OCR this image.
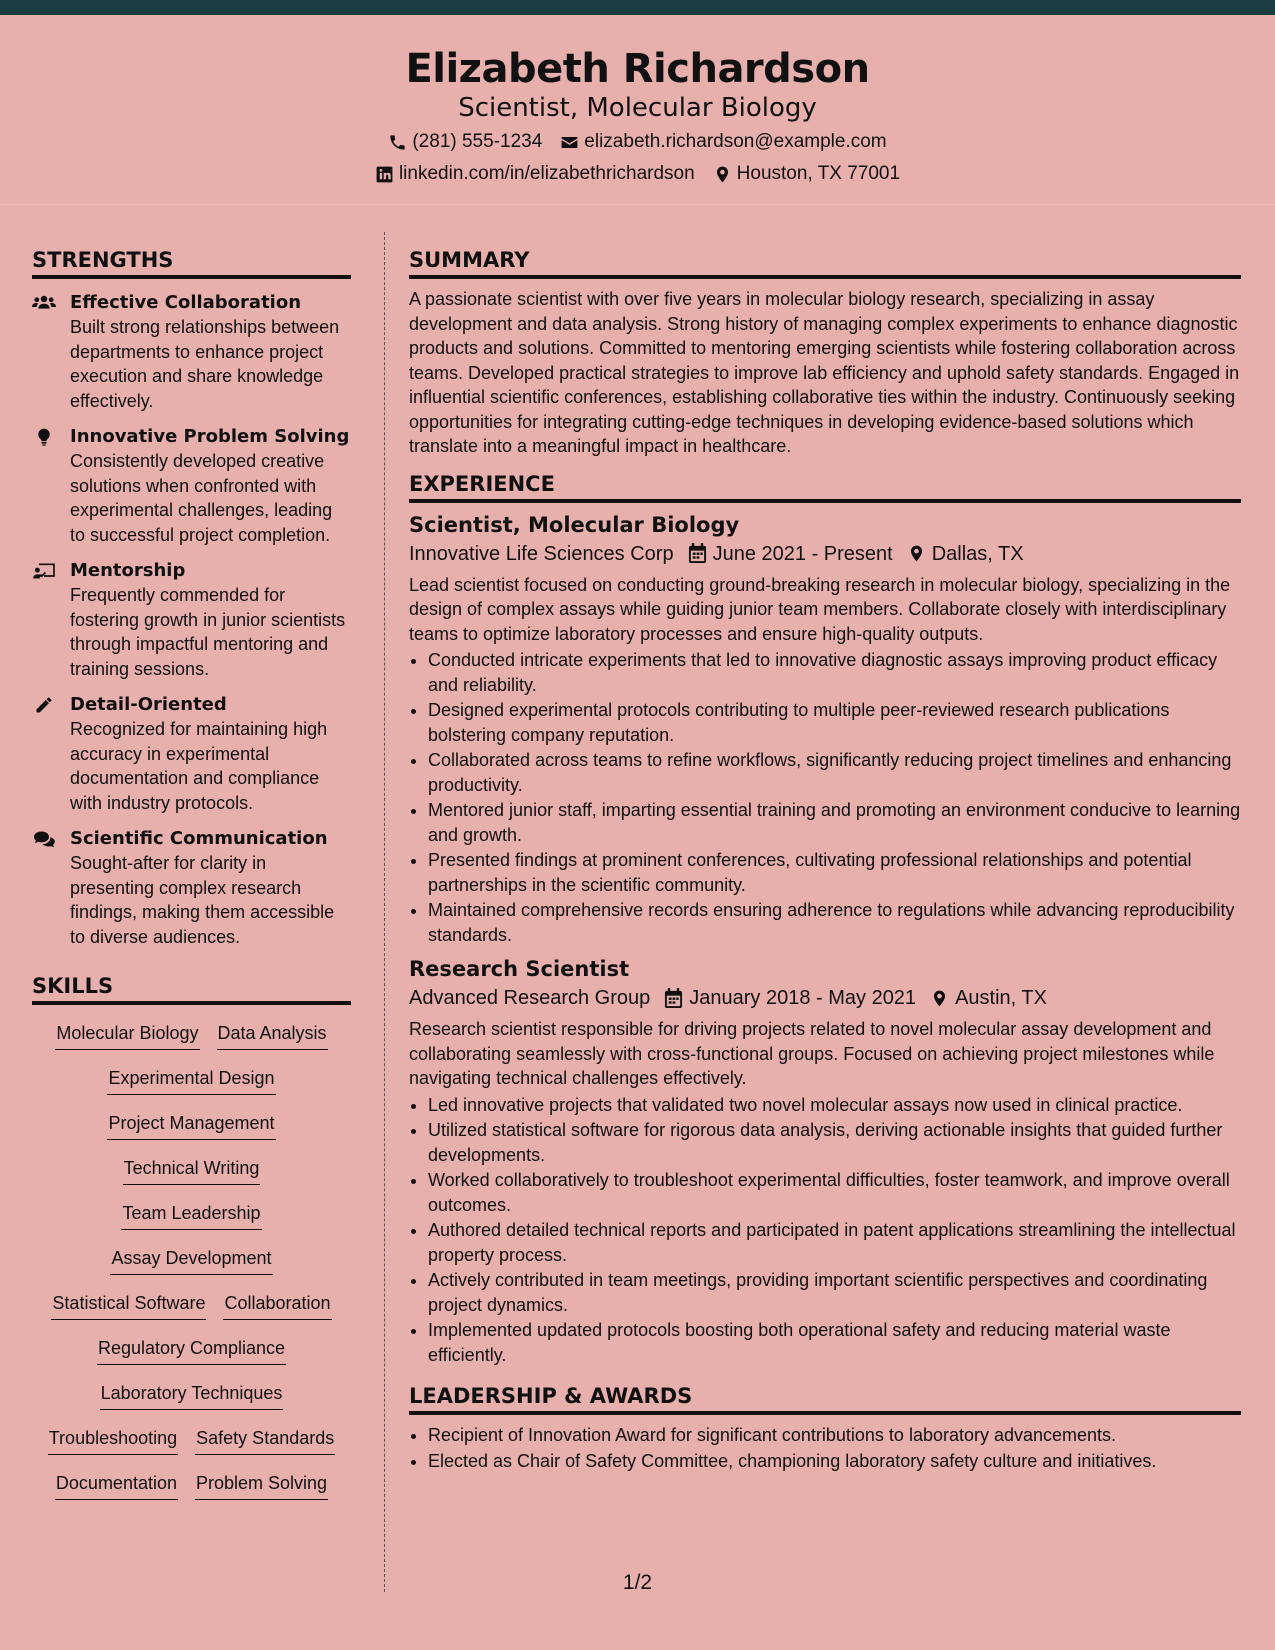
Elizabeth Richardson
Scientist, Molecular Biology
(281) 555-1234 elizabeth.richardson@example.com
linkedin.com/in/elizabethrichardson Houston, TX 77001
STRENGTHS
Effective Collaboration
Built strong relationships between departments to enhance project execution and share knowledge effectively.
Innovative Problem Solving
Consistently developed creative solutions when confronted with experimental challenges, leading to successful project completion.
Mentorship
Frequently commended for fostering growth in junior scientists through impactful mentoring and training sessions.
Detail-Oriented
Recognized for maintaining high accuracy in experimental documentation and compliance with industry protocols.
Scientific Communication
Sought-after for clarity in presenting complex research findings, making them accessible to diverse audiences.
SKILLS
Molecular Biology Data Analysis
Experimental Design
Project Management
Technical Writing
Team Leadership
Assay Development
Statistical Software Collaboration
Regulatory Compliance
Laboratory Techniques
Troubleshooting Safety Standards
Documentation Problem Solving
SUMMARY

A passionate scientist with over five years in molecular biology research, specializing in assay development and data analysis. Strong history of managing complex experiments to enhance diagnostic products and solutions. Committed to mentoring emerging scientists while fostering collaboration across teams. Developed practical strategies to improve lab efficiency and uphold safety standards. Engaged in influential scientific conferences, establishing collaborative ties within the industry. Continuously seeking opportunities for integrating cutting-edge techniques in developing evidence-based solutions which translate into a meaningful impact in healthcare.

EXPERIENCE
Scientist, Molecular Biology
Innovative Life Sciences Corp June 2021 - Present Dallas, TX
Lead scientist focused on conducting ground-breaking research in molecular biology, specializing in the design of complex assays while guiding junior team members. Collaborate closely with interdisciplinary teams to optimize laboratory processes and ensure high-quality outputs.
• Conducted intricate experiments that led to innovative diagnostic assays improving product efficacy and reliability.
• Designed experimental protocols contributing to multiple peer-reviewed research publications bolstering company reputation.
• Collaborated across teams to refine workflows, significantly reducing project timelines and enhancing productivity.
• Mentored junior staff, imparting essential training and promoting an environment conducive to learning and growth.
• Presented findings at prominent conferences, cultivating professional relationships and potential partnerships in the scientific community.
• Maintained comprehensive records ensuring adherence to regulations while advancing reproducibility standards.
Research Scientist
Advanced Research Group January 2018 - May 2021 Austin, TX
Research scientist responsible for driving projects related to novel molecular assay development and collaborating seamlessly with cross-functional groups. Focused on achieving project milestones while navigating technical challenges effectively.
• Led innovative projects that validated two novel molecular assays now used in clinical practice.
• Utilized statistical software for rigorous data analysis, deriving actionable insights that guided further developments.
• Worked collaboratively to troubleshoot experimental difficulties, foster teamwork, and improve overall outcomes.
• Authored detailed technical reports and participated in patent applications streamlining the intellectual property process.
• Actively contributed in team meetings, providing important scientific perspectives and coordinating project dynamics.
• Implemented updated protocols boosting both operational safety and reducing material waste efficiently.
LEADERSHIP & AWARDS
• Recipient of Innovation Award for significant contributions to laboratory advancements.
• Elected as Chair of Safety Committee, championing laboratory safety culture and initiatives.
1/2
